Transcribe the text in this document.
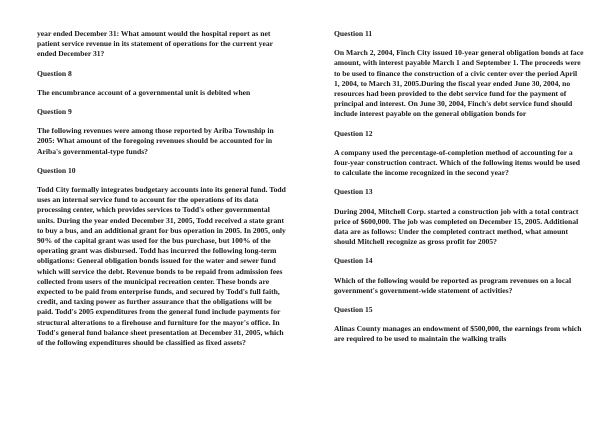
year ended December 31: What amount would the hospital report as net patient service revenue in its statement of operations for the current year ended December 31?

Question 8

The encumbrance account of a governmental unit is debited when

Question 9

The following revenues were among those reported by Ariba Township in 2005: What amount of the foregoing revenues should be accounted for in Ariba's governmental-type funds?

Question 10

Todd City formally integrates budgetary accounts into its general fund. Todd uses an internal service fund to account for the operations of its data processing center, which provides services to Todd's other governmental units. During the year ended December 31, 2005, Todd received a state grant to buy a bus, and an additional grant for bus operation in 2005. In 2005, only 90% of the capital grant was used for the bus purchase, but 100% of the operating grant was disbursed. Todd has incurred the following long-term obligations: General obligation bonds issued for the water and sewer fund which will service the debt. Revenue bonds to be repaid from admission fees collected from users of the municipal recreation center. These bonds are expected to be paid from enterprise funds, and secured by Todd's full faith, credit, and taxing power as further assurance that the obligations will be paid. Todd's 2005 expenditures from the general fund include payments for structural alterations to a firehouse and furniture for the mayor's office. In Todd's general fund balance sheet presentation at December 31, 2005, which of the following expenditures should be classified as fixed assets?

Question 11

On March 2, 2004, Finch City issued 10-year general obligation bonds at face amount, with interest payable March 1 and September 1. The proceeds were to be used to finance the construction of a civic center over the period April 1, 2004, to March 31, 2005.During the fiscal year ended June 30, 2004, no resources had been provided to the debt service fund for the payment of principal and interest. On June 30, 2004, Finch's debt service fund should include interest payable on the general obligation bonds for

Question 12

A company used the percentage-of-completion method of accounting for a four-year construction contract. Which of the following items would be used to calculate the income recognized in the second year?

Question 13

During 2004, Mitchell Corp. started a construction job with a total contract price of $600,000. The job was completed on December 15, 2005. Additional data are as follows: Under the completed contract method, what amount should Mitchell recognize as gross profit for 2005?

Question 14

Which of the following would be reported as program revenues on a local government's government-wide statement of activities?

Question 15

Alinas County manages an endowment of $500,000, the earnings from which are required to be used to maintain the walking trails
